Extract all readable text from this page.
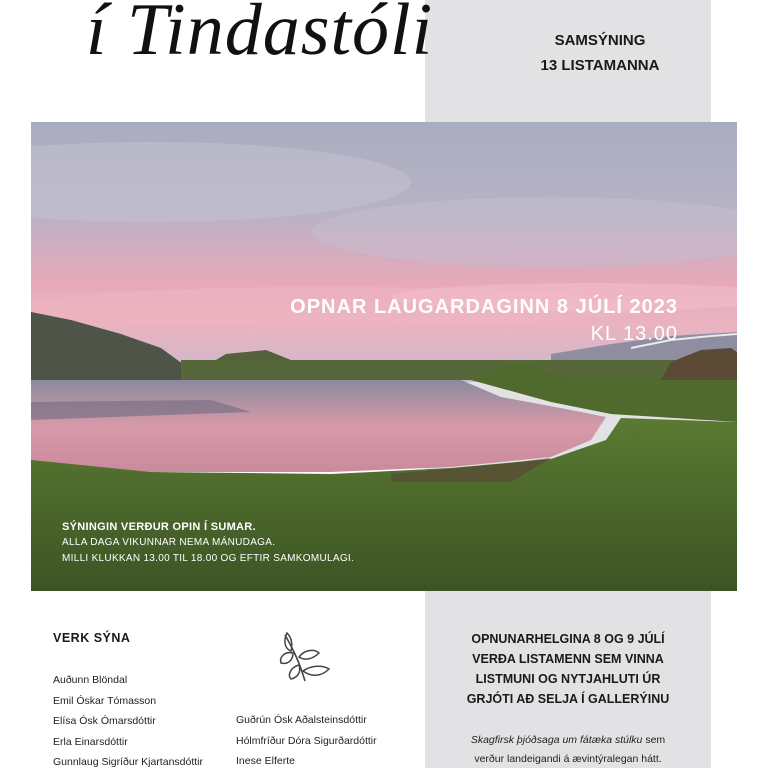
í Tindastóli	SAMSÝNING
13 LISTAMANNA
OPNAR LAUGARDAGINN 8 JÚLÍ 2023
KL 13.00
SÝNINGIN VERÐUR OPIN Í SUMAR.
ALLA DAGA VIKUNNAR NEMA MÁNUDAGA.
MILLI KLUKKAN 13.00 TIL 18.00 OG EFTIR SAMKOMULAGI.
VERK SÝNA
Auðunn Blöndal
Emil Óskar Tómasson
Elísa Ósk Ómarsdóttir
Erla Einarsdóttir
Gunnlaug Sigríður Kjartansdóttir
Guðrún Ósk Aðalsteinsdóttir
Hólmfríður Dóra Sigurðardóttir
Inese Elferte
OPNUNARHELGINA 8 OG 9 JÚLÍ
VERÐA LISTAMENN SEM VINNA
LISTMUNI OG NYTJAHLUTI ÚR
GRJÓTI AÐ SELJA Í GALLERÝINU
Skagfirsk þjóðsaga um fátæka stúlku sem
verður landeigandi á ævintýralegan hátt.
